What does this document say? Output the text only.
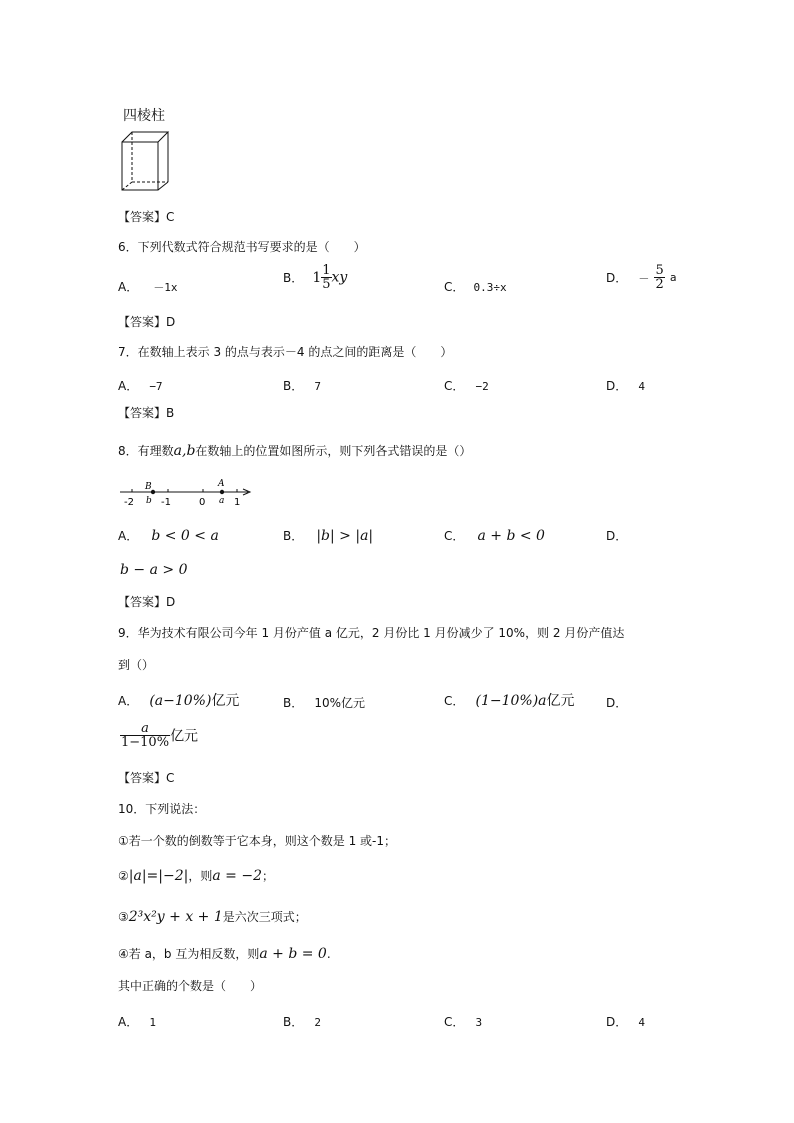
四棱柱
【答案】C
6．下列代数式符合规范书写要求的是（　　）
A． －1x
B． $1 \frac{1}{5}$ xy
C． 0.3÷x
D． － $\frac{5}{2}$ a
【答案】D
7．在数轴上表示 3 的点与表示－4 的点之间的距离是（　　）
A． −7	B． 7	C． −2	D． 4
【答案】B
8．有理数a,b在数轴上的位置如图所示，则下列各式错误的是（）
-2	-1	0	1
B
b
A
a
A． b < 0 < a	B． |b| > |a|	C． a + b < 0	D．
b − a > 0
【答案】D
9．华为技术有限公司今年 1 月份产值 a 亿元，2 月份比 1 月份减少了 10%，则 2 月份产值达
到（）
A． (a−10%)亿元	B． 10%亿元	C． (1−10%)a亿元	D．
$\frac{a}{1-10\%}$ 亿元
【答案】C
10．下列说法：
①若一个数的倒数等于它本身，则这个数是 1 或-1；
②|a|=|−2|，则a = −2；
③2³x²y + x + 1是六次三项式；
④若 a，b 互为相反数，则a + b = 0.
其中正确的个数是（　　）
A． 1	B． 2	C． 3	D． 4
